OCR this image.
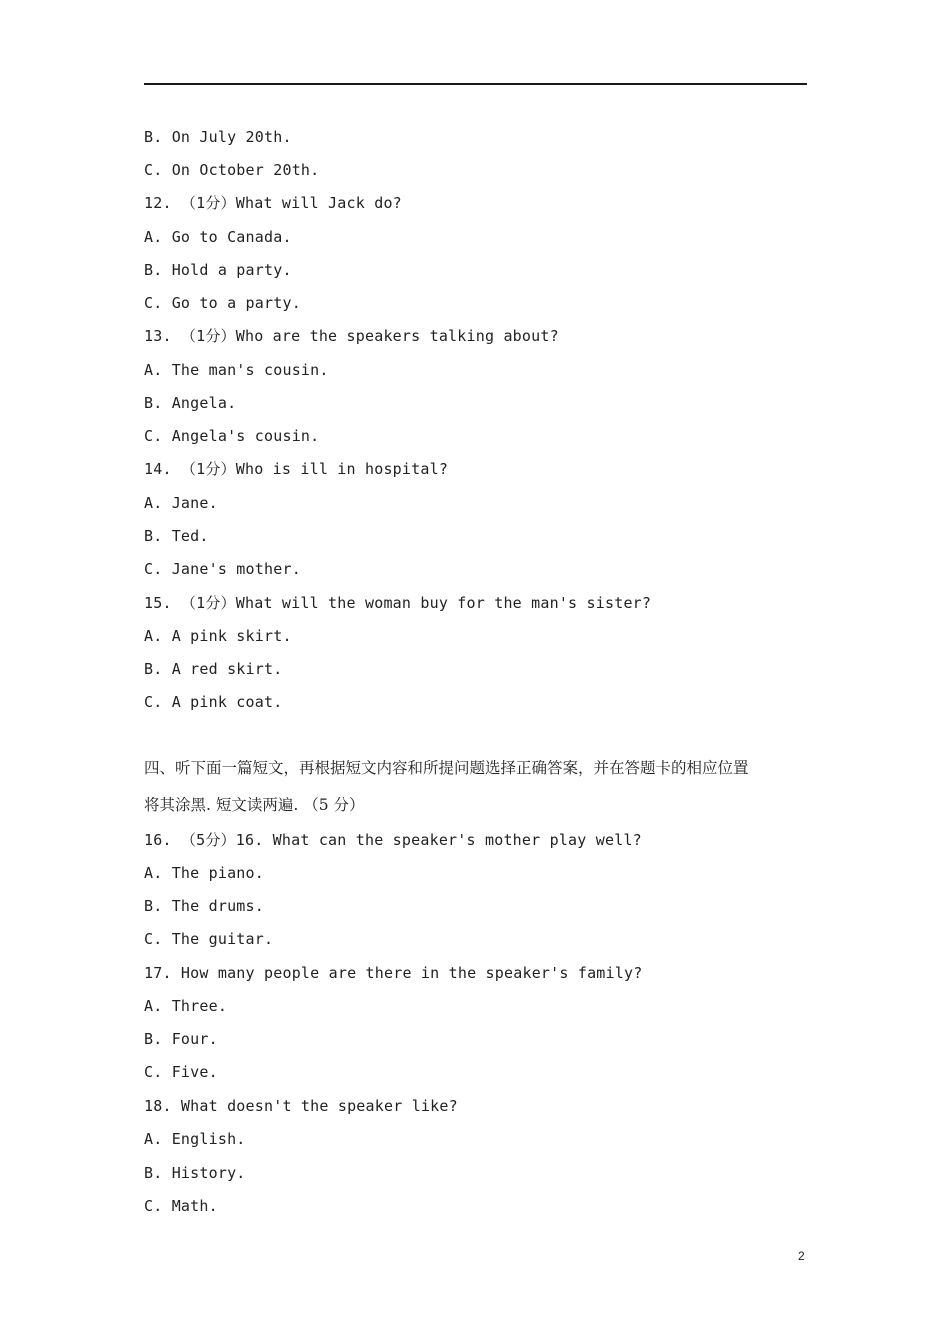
B. On July 20th.
C. On October 20th.
12. （1分）What will Jack do?
A. Go to Canada.
B. Hold a party.
C. Go to a party.
13. （1分）Who are the speakers talking about?
A. The man's cousin.
B. Angela.
C. Angela's cousin.
14. （1分）Who is ill in hospital?
A. Jane.
B. Ted.
C. Jane's mother.
15. （1分）What will the woman buy for the man's sister?
A. A pink skirt.
B. A red skirt.
C. A pink coat.
四、听下面一篇短文，再根据短文内容和所提问题选择正确答案，并在答题卡的相应位置
将其涂黑. 短文读两遍. （5 分）
16. （5分）16. What can the speaker's mother play well?
A. The piano.
B. The drums.
C. The guitar.
17. How many people are there in the speaker's family?
A. Three.
B. Four.
C. Five.
18. What doesn't the speaker like?
A. English.
B. History.
C. Math.
2
